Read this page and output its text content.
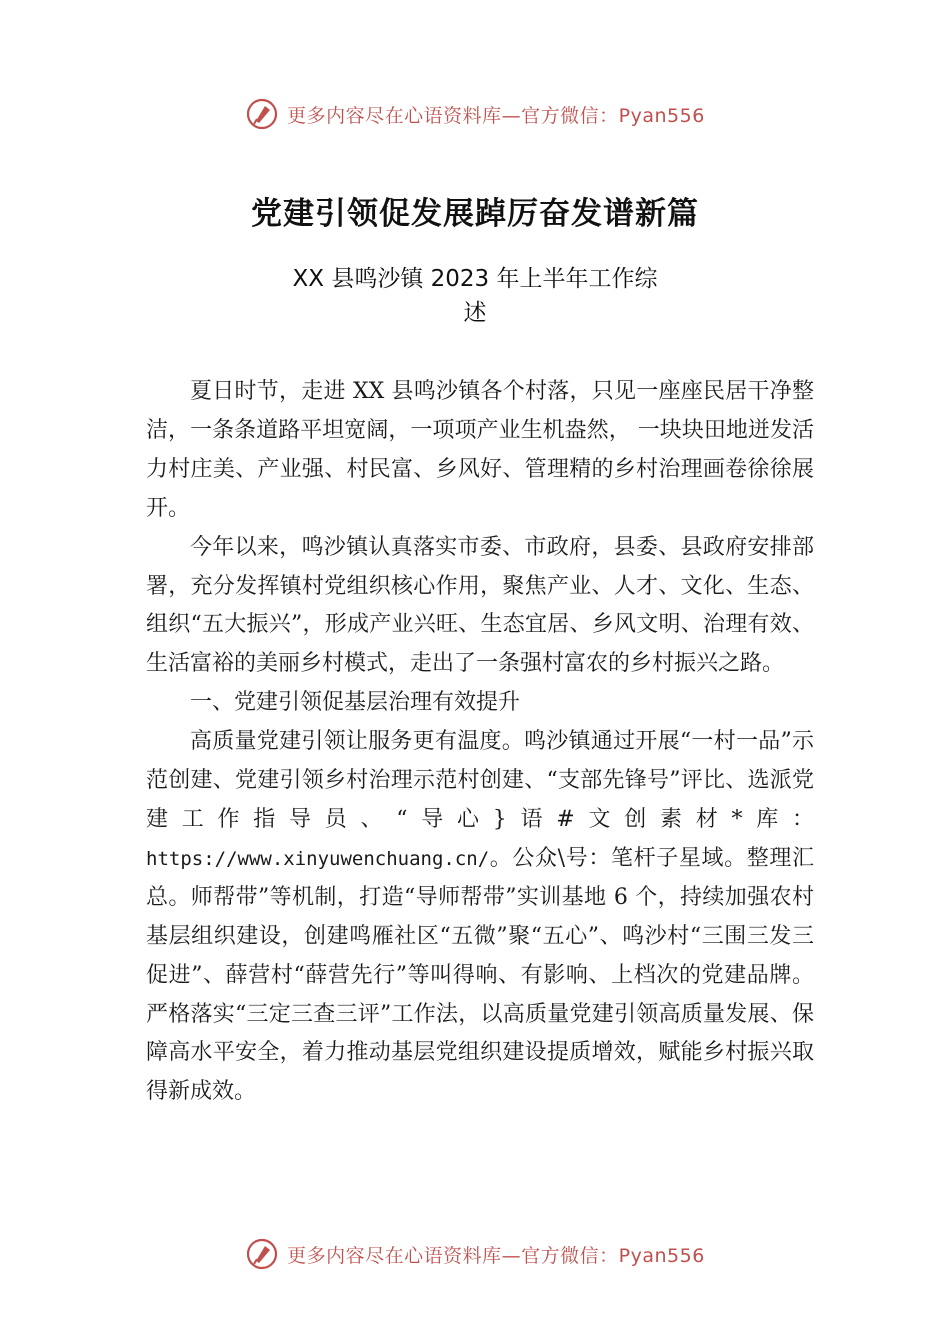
更多内容尽在心语资料库—官方微信：Pyan556
党建引领促发展踔厉奋发谱新篇
XX 县鸣沙镇 2023 年上半年工作综
述

夏日时节，走进 XX 县鸣沙镇各个村落，只见一座座民居干净整洁，一条条道路平坦宽阔，一项项产业生机盎然， 一块块田地迸发活力村庄美、产业强、村民富、乡风好、管理精的乡村治理画卷徐徐展开。

今年以来，鸣沙镇认真落实市委、市政府，县委、县政府安排部署，充分发挥镇村党组织核心作用，聚焦产业、人才、文化、生态、组织“五大振兴”，形成产业兴旺、生态宜居、乡风文明、治理有效、生活富裕的美丽乡村模式，走出了一条强村富农的乡村振兴之路。

一、党建引领促基层治理有效提升

高质量党建引领让服务更有温度。鸣沙镇通过开展“一村一品”示范创建、党建引领乡村治理示范村创建、“支部先锋号”评比、选派党建工作指导员、“导心}语#文创素材*库：https://www.xinyuwenchuang.cn/。公众\号：笔杆子星域。整理汇总。师帮带”等机制，打造“导师帮带”实训基地 6 个，持续加强农村基层组织建设，创建鸣雁社区“五微”聚“五心”、鸣沙村“三围三发三促进”、薛营村“薛营先行”等叫得响、有影响、上档次的党建品牌。严格落实“三定三查三评”工作法，以高质量党建引领高质量发展、保障高水平安全，着力推动基层党组织建设提质增效，赋能乡村振兴取得新成效。

更多内容尽在心语资料库—官方微信：Pyan556
